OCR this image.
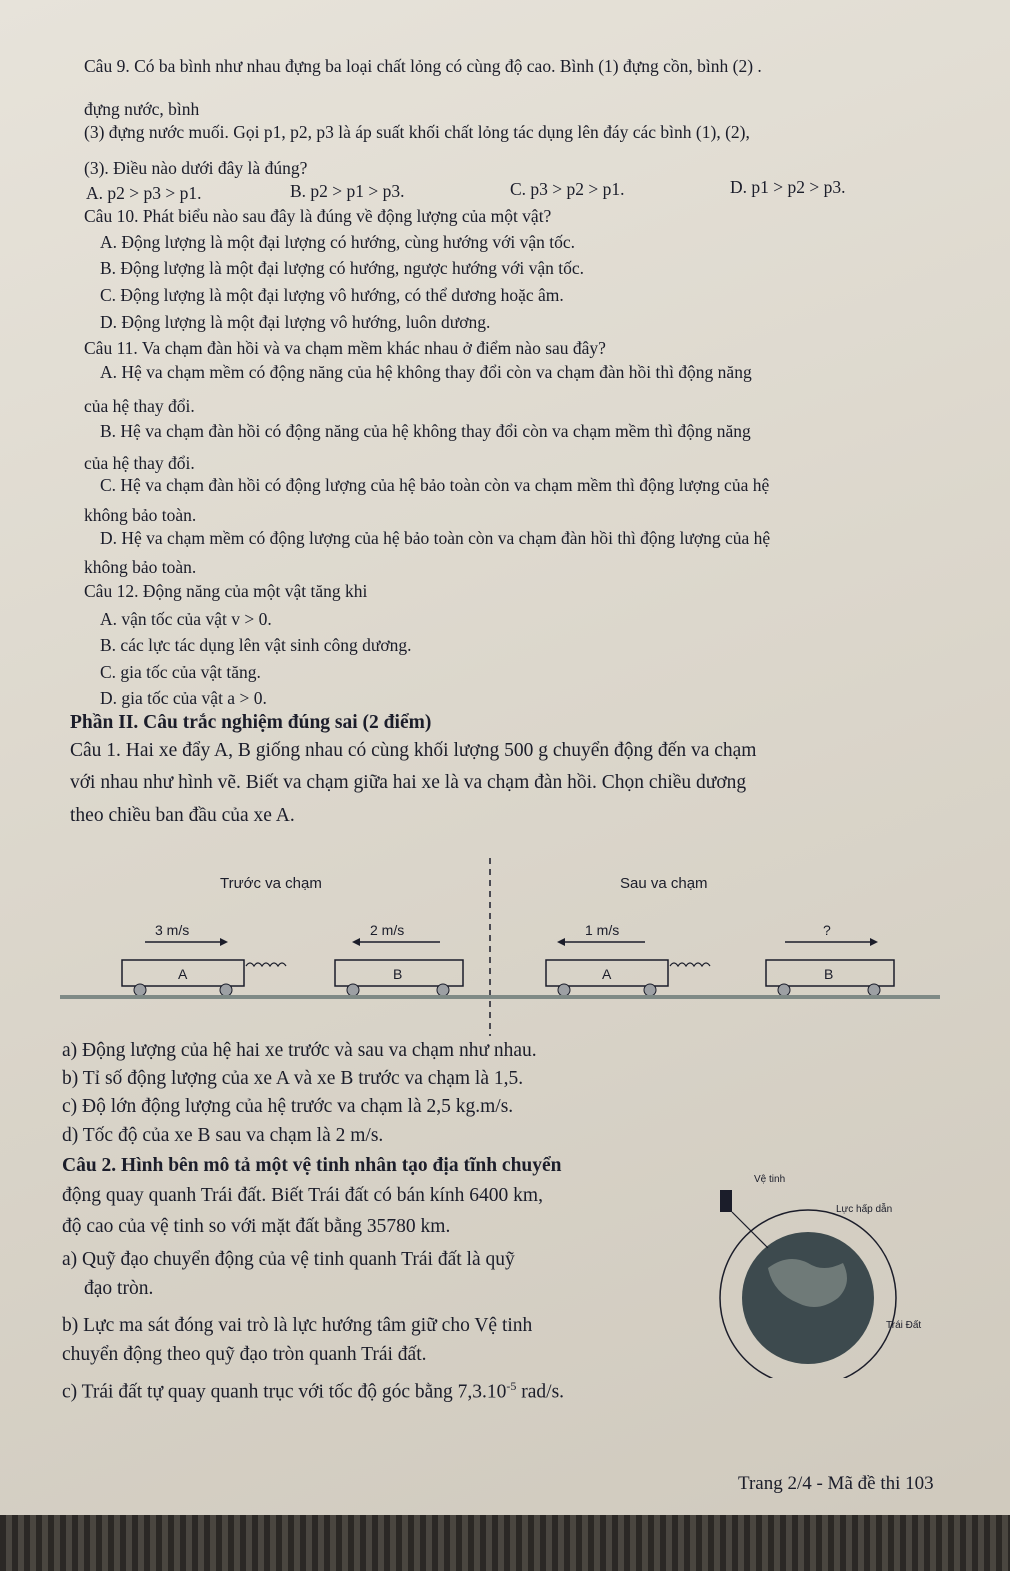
Câu 9. Có ba bình như nhau đựng ba loại chất lỏng có cùng độ cao. Bình (1) đựng cồn, bình (2) .
đựng nước, bình
(3) đựng nước muối. Gọi p1, p2, p3 là áp suất khối chất lỏng tác dụng lên đáy các bình (1), (2),
(3). Điều nào dưới đây là đúng?
A. p2 > p3 > p1.	B. p2 > p1 > p3.	C. p3 > p2 > p1.	D. p1 > p2 > p3.
Câu 10. Phát biểu nào sau đây là đúng về động lượng của một vật?
A. Động lượng là một đại lượng có hướng, cùng hướng với vận tốc.
B. Động lượng là một đại lượng có hướng, ngược hướng với vận tốc.
C. Động lượng là một đại lượng vô hướng, có thể dương hoặc âm.
D. Động lượng là một đại lượng vô hướng, luôn dương.
Câu 11. Va chạm đàn hồi và va chạm mềm khác nhau ở điểm nào sau đây?
A. Hệ va chạm mềm có động năng của hệ không thay đổi còn va chạm đàn hồi thì động năng
của hệ thay đổi.
B. Hệ va chạm đàn hồi có động năng của hệ không thay đổi còn va chạm mềm thì động năng
của hệ thay đổi.
C. Hệ va chạm đàn hồi có động lượng của hệ bảo toàn còn va chạm mềm thì động lượng của hệ
không bảo toàn.
D. Hệ va chạm mềm có động lượng của hệ bảo toàn còn va chạm đàn hồi thì động lượng của hệ
không bảo toàn.
Câu 12. Động năng của một vật tăng khi
A. vận tốc của vật v > 0.
B. các lực tác dụng lên vật sinh công dương.
C. gia tốc của vật tăng.
D. gia tốc của vật a > 0.
Phần II. Câu trắc nghiệm đúng sai (2 điểm)
Câu 1. Hai xe đẩy A, B giống nhau có cùng khối lượng 500 g chuyển động đến va chạm
với nhau như hình vẽ. Biết va chạm giữa hai xe là va chạm đàn hồi. Chọn chiều dương
theo chiều ban đầu của xe A.
Trước va chạm	Sau va chạm
3 m/s	2 m/s	1 m/s	?
A	B	A	B
a) Động lượng của hệ hai xe trước và sau va chạm như nhau.
b) Tỉ số động lượng của xe A và xe B trước va chạm là 1,5.
c) Độ lớn động lượng của hệ trước va chạm là 2,5 kg.m/s.
d) Tốc độ của xe B sau va chạm là 2 m/s.
Câu 2. Hình bên mô tả một vệ tinh nhân tạo địa tĩnh chuyển
động quay quanh Trái đất. Biết Trái đất có bán kính 6400 km,
độ cao của vệ tinh so với mặt đất bằng 35780 km.
a) Quỹ đạo chuyển động của vệ tinh quanh Trái đất là quỹ
đạo tròn.
b) Lực ma sát đóng vai trò là lực hướng tâm giữ cho Vệ tinh
chuyển động theo quỹ đạo tròn quanh Trái đất.
c) Trái đất tự quay quanh trục với tốc độ góc bằng $7,3.10^{-5}$ rad/s.
Vệ tinh
Lực hấp dẫn
Trái Đất
Trang 2/4 - Mã đề thi 103
